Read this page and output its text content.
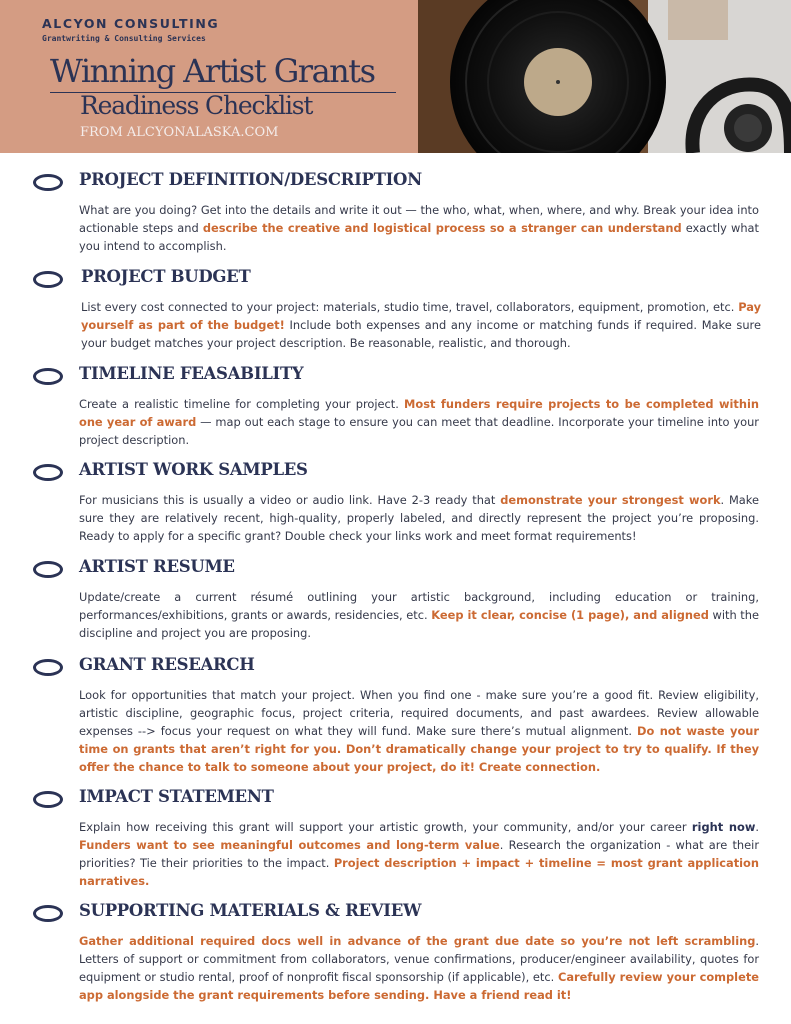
ALCYON CONSULTING
Grantwriting & Consulting Services
Winning Artist Grants
Readiness Checklist
FROM ALCYONALASKA.COM
PROJECT DEFINITION/DESCRIPTION
What are you doing? Get into the details and write it out — the who, what, when, where, and why. Break your idea into actionable steps and describe the creative and logistical process so a stranger can understand exactly what you intend to accomplish.
PROJECT BUDGET
List every cost connected to your project: materials, studio time, travel, collaborators, equipment, promotion, etc. Pay yourself as part of the budget! Include both expenses and any income or matching funds if required. Make sure your budget matches your project description. Be reasonable, realistic, and thorough.
TIMELINE FEASABILITY
Create a realistic timeline for completing your project. Most funders require projects to be completed within one year of award — map out each stage to ensure you can meet that deadline. Incorporate your timeline into your project description.
ARTIST WORK SAMPLES
For musicians this is usually a video or audio link. Have 2-3 ready that demonstrate your strongest work. Make sure they are relatively recent, high-quality, properly labeled, and directly represent the project you’re proposing. Ready to apply for a specific grant? Double check your links work and meet format requirements!
ARTIST RESUME
Update/create a current résumé outlining your artistic background, including education or training, performances/exhibitions, grants or awards, residencies, etc. Keep it clear, concise (1 page), and aligned with the discipline and project you are proposing.
GRANT RESEARCH
Look for opportunities that match your project. When you find one - make sure you’re a good fit. Review eligibility, artistic discipline, geographic focus, project criteria, required documents, and past awardees. Review allowable expenses --> focus your request on what they will fund. Make sure there’s mutual alignment. Do not waste your time on grants that aren’t right for you. Don’t dramatically change your project to try to qualify. If they offer the chance to talk to someone about your project, do it! Create connection.
IMPACT STATEMENT
Explain how receiving this grant will support your artistic growth, your community, and/or your career right now. Funders want to see meaningful outcomes and long-term value. Research the organization - what are their priorities? Tie their priorities to the impact. Project description + impact + timeline = most grant application narratives.
SUPPORTING MATERIALS & REVIEW
Gather additional required docs well in advance of the grant due date so you’re not left scrambling. Letters of support or commitment from collaborators, venue confirmations, producer/engineer availability, quotes for equipment or studio rental, proof of nonprofit fiscal sponsorship (if applicable), etc. Carefully review your complete app alongside the grant requirements before sending. Have a friend read it!
